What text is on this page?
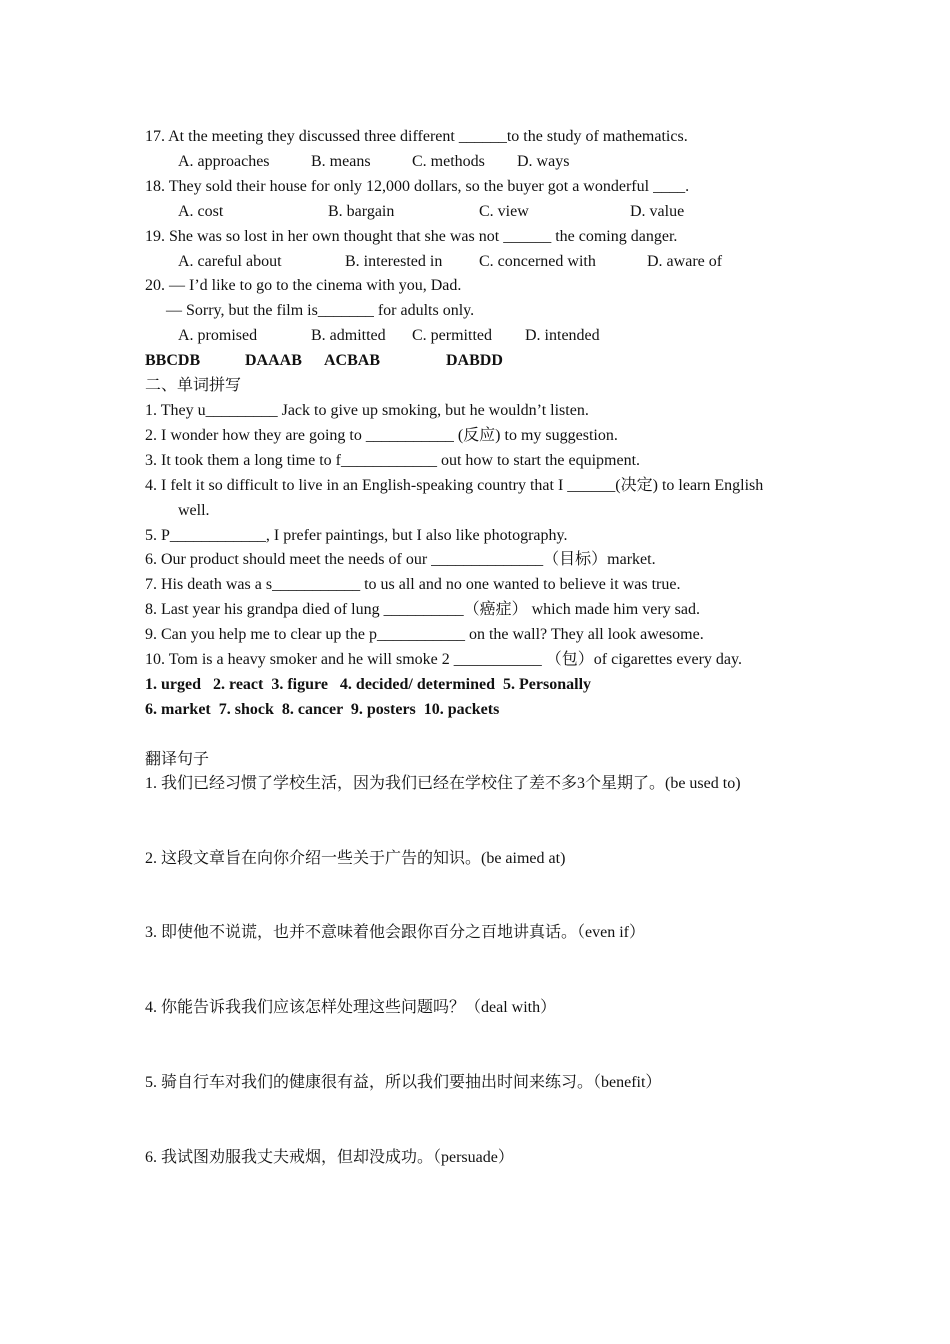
17. At the meeting they discussed three different ______to the study of mathematics.
A. approaches	B. means	C. methods D. ways
18. They sold their house for only 12,000 dollars, so the buyer got a wonderful ____.
A. cost	B. bargain	C. view	D. value
19. She was so lost in her own thought that she was not ______ the coming danger.
A. careful about	B. interested in C. concerned with	D. aware of
20. — I’d like to go to the cinema with you, Dad.
— Sorry, but the film is_______ for adults only.
A. promised	B. admitted C. permitted D. intended
BBCDB	DAAAB ACBAB	DABDD
二、单词拼写
1. They u_________ Jack to give up smoking, but he wouldn’t listen.
2. I wonder how they are going to ___________ (反应) to my suggestion.
3. It took them a long time to f____________ out how to start the equipment.
4. I felt it so difficult to live in an English-speaking country that I ______(决定) to learn English
well.
5. P____________, I prefer paintings, but I also like photography.
6. Our product should meet the needs of our ______________（目标）market.
7. His death was a s___________ to us all and no one wanted to believe it was true.
8. Last year his grandpa died of lung __________（癌症） which made him very sad.
9. Can you help me to clear up the p___________ on the wall? They all look awesome.
10. Tom is a heavy smoker and he will smoke 2 ___________ （包）of cigarettes every day.
1. urged   2. react  3. figure   4. decided/ determined  5. Personally
6. market  7. shock  8. cancer  9. posters  10. packets
翻译句子
1. 我们已经习惯了学校生活，因为我们已经在学校住了差不多3个星期了。(be used to)
2. 这段文章旨在向你介绍一些关于广告的知识。(be aimed at)
3. 即使他不说谎，也并不意味着他会跟你百分之百地讲真话。（even if）
4. 你能告诉我我们应该怎样处理这些问题吗？（deal with）
5. 骑自行车对我们的健康很有益，所以我们要抽出时间来练习。（benefit）
6. 我试图劝服我丈夫戒烟，但却没成功。（persuade）
